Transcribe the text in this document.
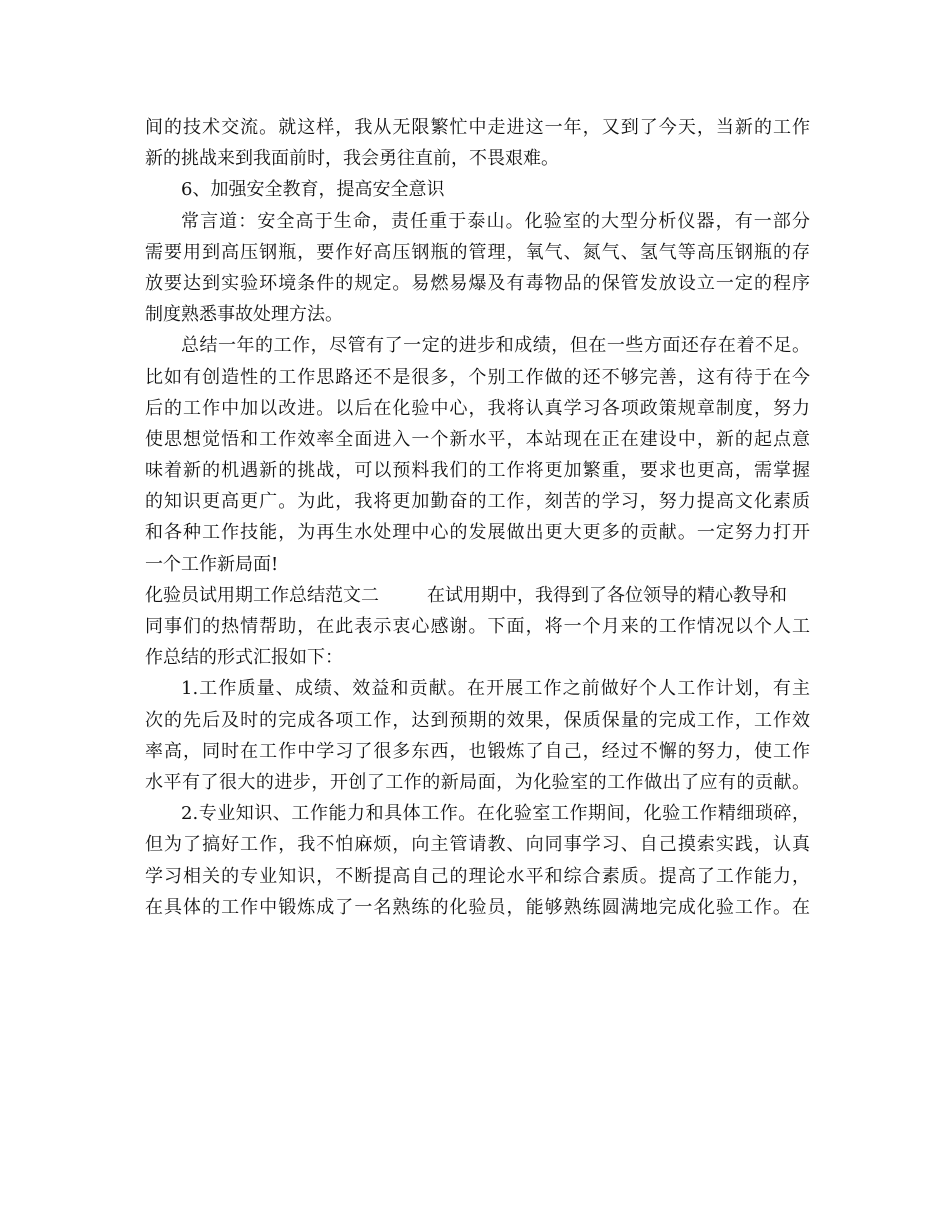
间的技术交流。就这样，我从无限繁忙中走进这一年，又到了今天，当新的工作
新的挑战来到我面前时，我会勇往直前，不畏艰难。
6、加强安全教育，提高安全意识
常言道：安全高于生命，责任重于泰山。化验室的大型分析仪器，有一部分
需要用到高压钢瓶，要作好高压钢瓶的管理，氧气、氮气、氢气等高压钢瓶的存
放要达到实验环境条件的规定。易燃易爆及有毒物品的保管发放设立一定的程序
制度熟悉事故处理方法。
总结一年的工作，尽管有了一定的进步和成绩，但在一些方面还存在着不足。
比如有创造性的工作思路还不是很多，个别工作做的还不够完善，这有待于在今
后的工作中加以改进。以后在化验中心，我将认真学习各项政策规章制度，努力
使思想觉悟和工作效率全面进入一个新水平，本站现在正在建设中，新的起点意
味着新的机遇新的挑战，可以预料我们的工作将更加繁重，要求也更高，需掌握
的知识更高更广。为此，我将更加勤奋的工作，刻苦的学习，努力提高文化素质
和各种工作技能，为再生水处理中心的发展做出更大更多的贡献。一定努力打开
一个工作新局面!
化验员试用期工作总结范文二	在试用期中，我得到了各位领导的精心教导和
同事们的热情帮助，在此表示衷心感谢。下面，将一个月来的工作情况以个人工
作总结的形式汇报如下：
1.工作质量、成绩、效益和贡献。在开展工作之前做好个人工作计划，有主
次的先后及时的完成各项工作，达到预期的效果，保质保量的完成工作，工作效
率高，同时在工作中学习了很多东西，也锻炼了自己，经过不懈的努力，使工作
水平有了很大的进步，开创了工作的新局面，为化验室的工作做出了应有的贡献。
2.专业知识、工作能力和具体工作。在化验室工作期间，化验工作精细琐碎，
但为了搞好工作，我不怕麻烦，向主管请教、向同事学习、自己摸索实践，认真
学习相关的专业知识，不断提高自己的理论水平和综合素质。提高了工作能力，
在具体的工作中锻炼成了一名熟练的化验员，能够熟练圆满地完成化验工作。在
